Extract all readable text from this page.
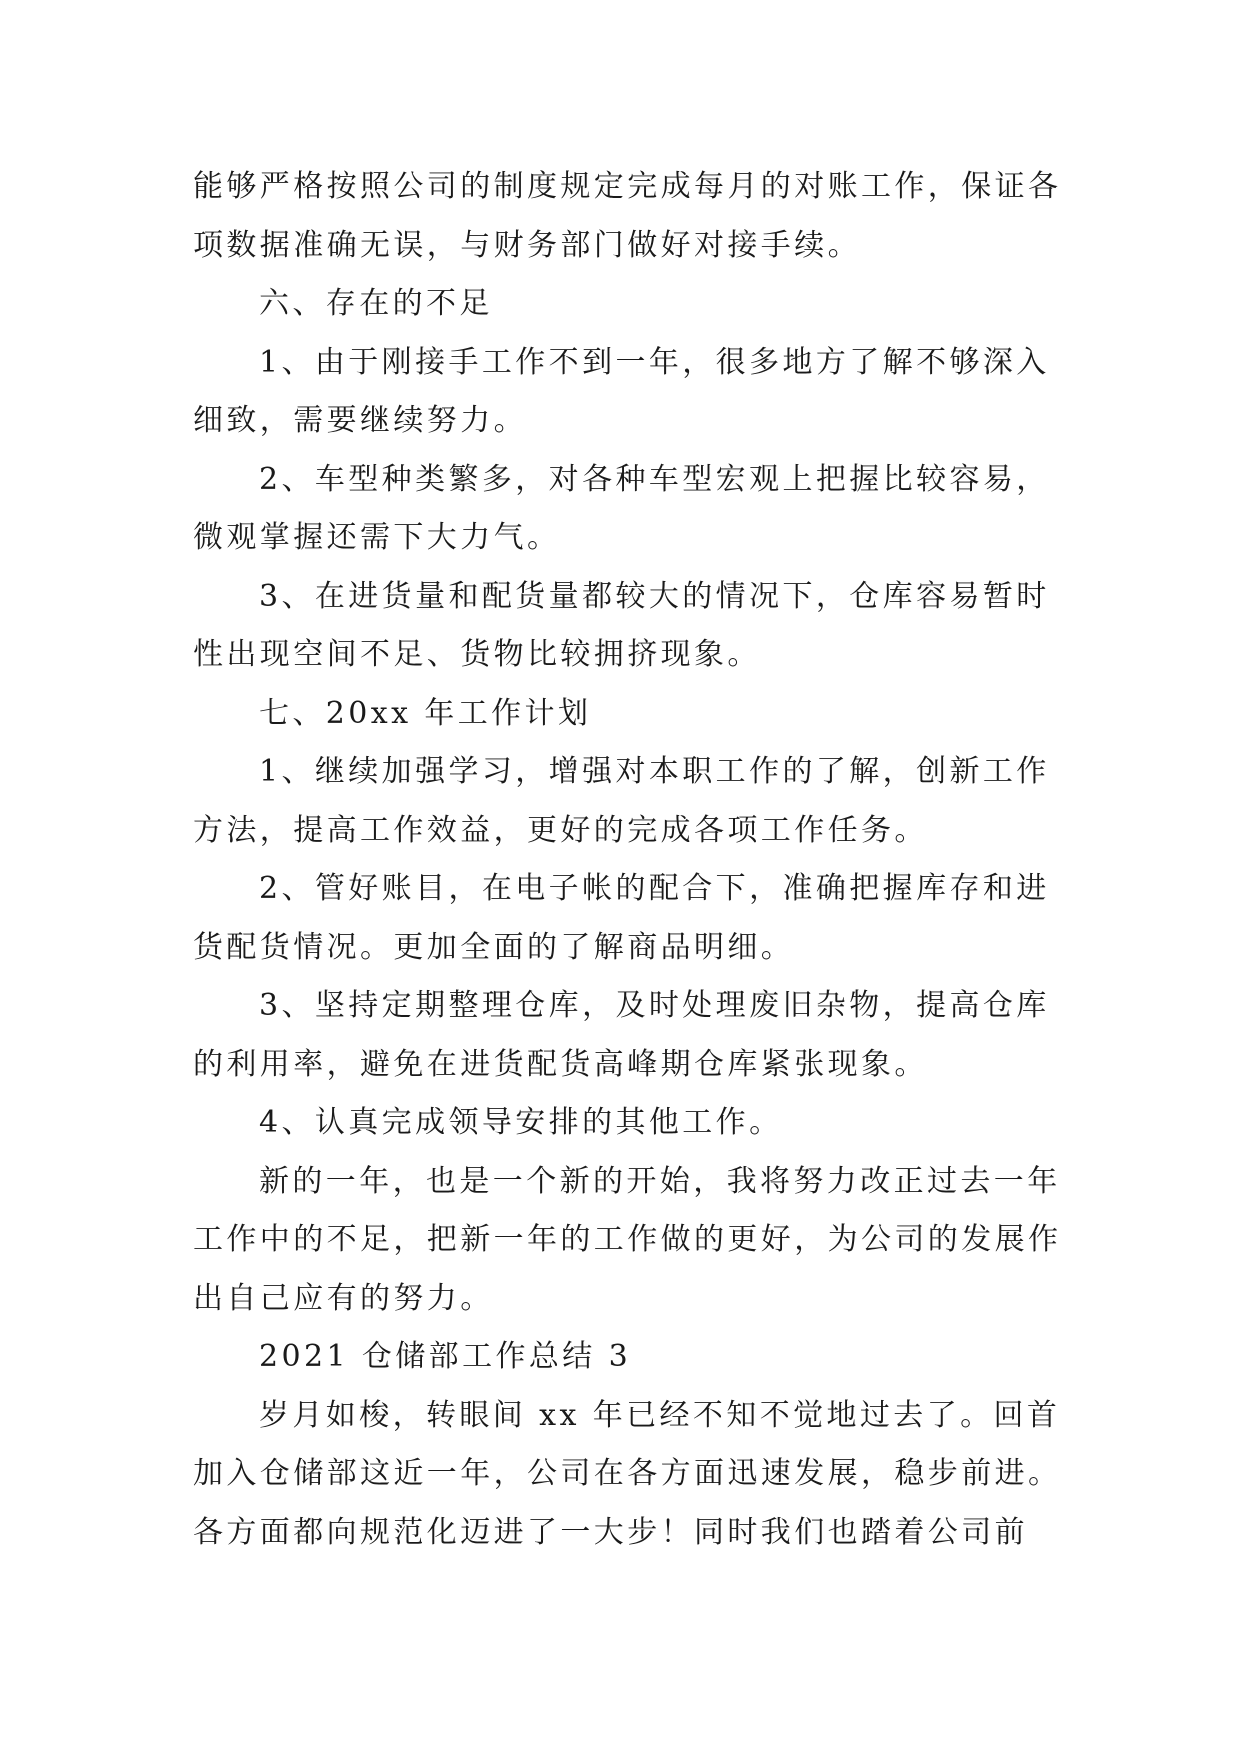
能够严格按照公司的制度规定完成每月的对账工作，保证各
项数据准确无误，与财务部门做好对接手续。
六、存在的不足
1、由于刚接手工作不到一年，很多地方了解不够深入
细致，需要继续努力。
2、车型种类繁多，对各种车型宏观上把握比较容易，
微观掌握还需下大力气。
3、在进货量和配货量都较大的情况下，仓库容易暂时
性出现空间不足、货物比较拥挤现象。
七、20xx 年工作计划
1、继续加强学习，增强对本职工作的了解，创新工作
方法，提高工作效益，更好的完成各项工作任务。
2、管好账目，在电子帐的配合下，准确把握库存和进
货配货情况。更加全面的了解商品明细。
3、坚持定期整理仓库，及时处理废旧杂物，提高仓库
的利用率，避免在进货配货高峰期仓库紧张现象。
4、认真完成领导安排的其他工作。
新的一年，也是一个新的开始，我将努力改正过去一年
工作中的不足，把新一年的工作做的更好，为公司的发展作
出自己应有的努力。
2021 仓储部工作总结 3
岁月如梭，转眼间 xx 年已经不知不觉地过去了。回首
加入仓储部这近一年，公司在各方面迅速发展，稳步前进。
各方面都向规范化迈进了一大步！同时我们也踏着公司前
